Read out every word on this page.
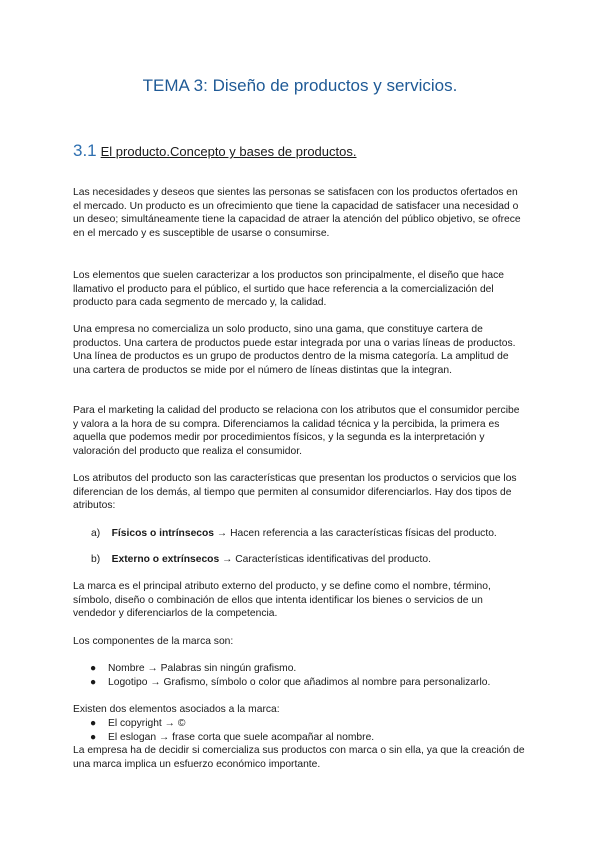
TEMA 3: Diseño de productos y servicios.
3.1 El producto.Concepto y bases de productos.

Las necesidades y deseos que sientes las personas se satisfacen con los productos ofertados en el mercado. Un producto es un ofrecimiento que tiene la capacidad de satisfacer una necesidad o un deseo; simultáneamente tiene la capacidad de atraer la atención del público objetivo, se ofrece en el mercado y es susceptible de usarse o consumirse.

Los elementos que suelen caracterizar a los productos son principalmente, el diseño que hace llamativo el producto para el público, el surtido que hace referencia a la comercialización del producto para cada segmento de mercado y, la calidad.

Una empresa no comercializa un solo producto, sino una gama, que constituye cartera de productos. Una cartera de productos puede estar integrada por una o varias líneas de productos. Una línea de productos es un grupo de productos dentro de la misma categoría. La amplitud de una cartera de productos se mide por el número de líneas distintas que la integran.

Para el marketing la calidad del producto se relaciona con los atributos que el consumidor percibe y valora a la hora de su compra. Diferenciamos la calidad técnica y la percibida, la primera es aquella que podemos medir por procedimientos físicos, y la segunda es la interpretación y valoración del producto que realiza el consumidor.

Los atributos del producto son las características que presentan los productos o servicios que los diferencian de los demás, al tiempo que permiten al consumidor diferenciarlos. Hay dos tipos de atributos:

a) Físicos o intrínsecos → Hacen referencia a las características físicas del producto.
b) Externo o extrínsecos → Características identificativas del producto.

La marca es el principal atributo externo del producto, y se define como el nombre, término, símbolo, diseño o combinación de ellos que intenta identificar los bienes o servicios de un vendedor y diferenciarlos de la competencia.

Los componentes de la marca son:

● Nombre → Palabras sin ningún grafismo.
● Logotipo → Grafismo, símbolo o color que añadimos al nombre para personalizarlo.

Existen dos elementos asociados a la marca:

● El copyright → ©
● El eslogan → frase corta que suele acompañar al nombre.

La empresa ha de decidir si comercializa sus productos con marca o sin ella, ya que la creación de una marca implica un esfuerzo económico importante.
